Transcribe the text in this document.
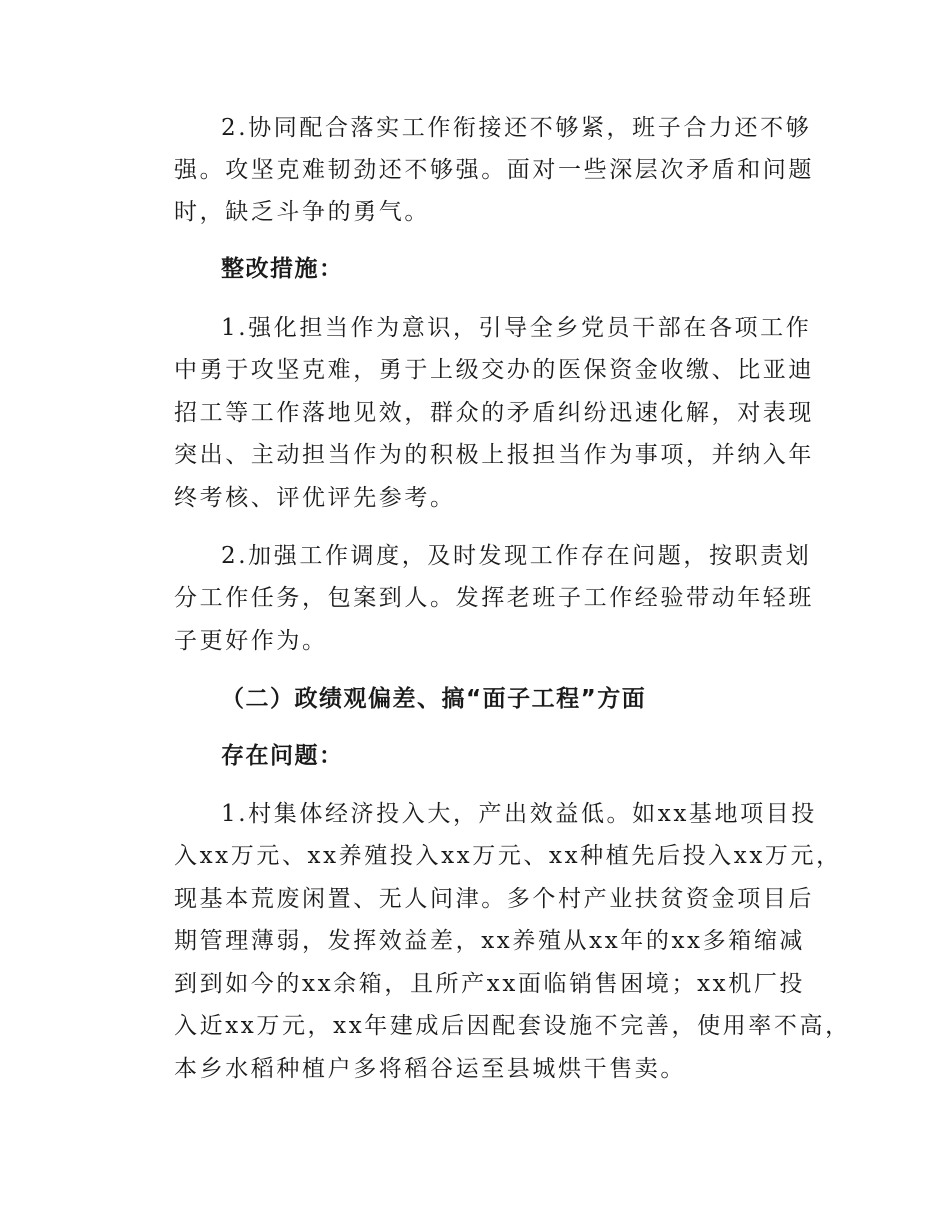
2.协同配合落实工作衔接还不够紧，班子合力还不够
强。攻坚克难韧劲还不够强。面对一些深层次矛盾和问题
时，缺乏斗争的勇气。
整改措施：
1.强化担当作为意识，引导全乡党员干部在各项工作
中勇于攻坚克难，勇于上级交办的医保资金收缴、比亚迪
招工等工作落地见效，群众的矛盾纠纷迅速化解，对表现
突出、主动担当作为的积极上报担当作为事项，并纳入年
终考核、评优评先参考。
2.加强工作调度，及时发现工作存在问题，按职责划
分工作任务，包案到人。发挥老班子工作经验带动年轻班
子更好作为。
（二）政绩观偏差、搞“面子工程”方面
存在问题：
1.村集体经济投入大，产出效益低。如xx基地项目投
入xx万元、xx养殖投入xx万元、xx种植先后投入xx万元，
现基本荒废闲置、无人问津。多个村产业扶贫资金项目后
期管理薄弱，发挥效益差，xx养殖从xx年的xx多箱缩减
到到如今的xx余箱，且所产xx面临销售困境；xx机厂投
入近xx万元，xx年建成后因配套设施不完善，使用率不高，
本乡水稻种植户多将稻谷运至县城烘干售卖。
